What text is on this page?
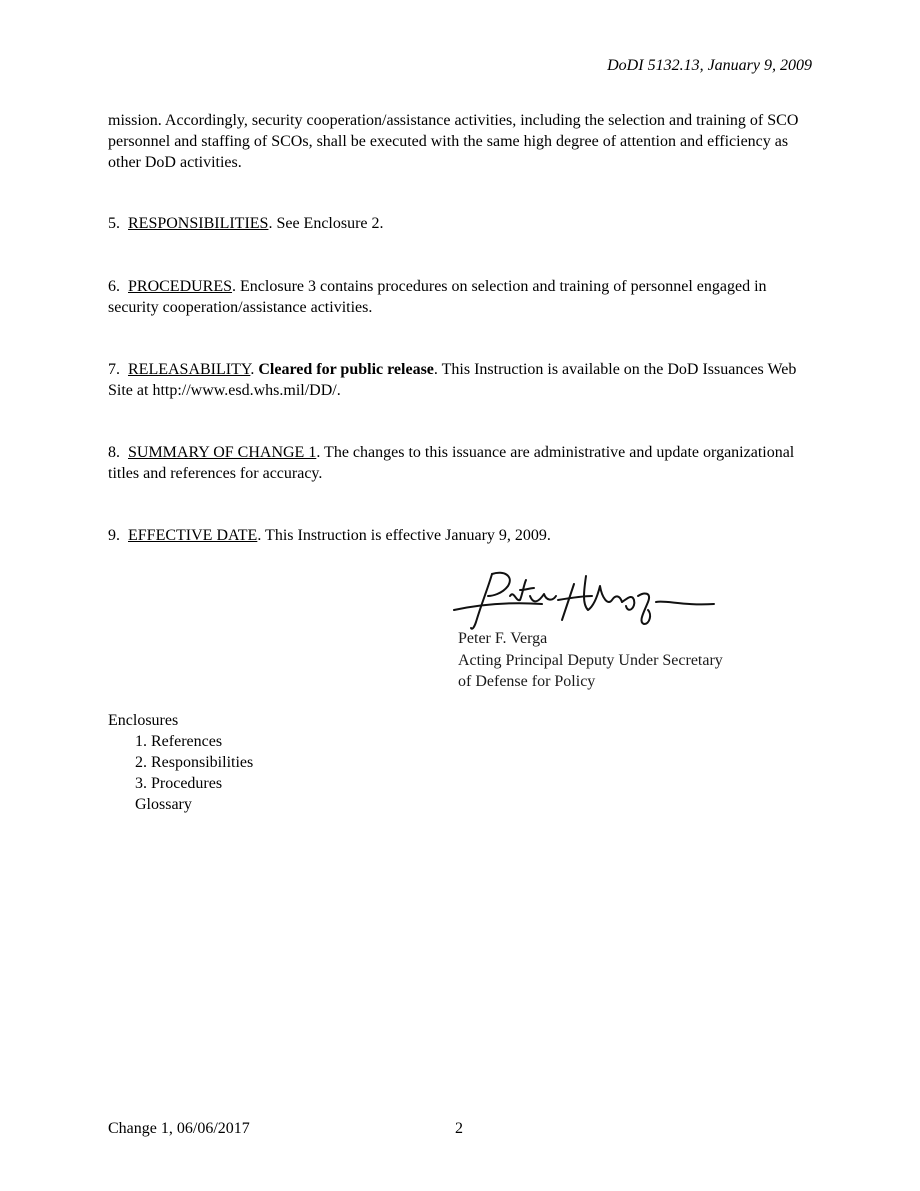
DoDI 5132.13, January 9, 2009

mission. Accordingly, security cooperation/assistance activities, including the selection and training of SCO personnel and staffing of SCOs, shall be executed with the same high degree of attention and efficiency as other DoD activities.

5. RESPONSIBILITIES. See Enclosure 2.

6. PROCEDURES. Enclosure 3 contains procedures on selection and training of personnel engaged in security cooperation/assistance activities.

7. RELEASABILITY. Cleared for public release. This Instruction is available on the DoD Issuances Web Site at http://www.esd.whs.mil/DD/.

8. SUMMARY OF CHANGE 1. The changes to this issuance are administrative and update organizational titles and references for accuracy.

9. EFFECTIVE DATE. This Instruction is effective January 9, 2009.

Peter F. Verga
Acting Principal Deputy Under Secretary
of Defense for Policy
Enclosures
1. References
2. Responsibilities
3. Procedures
Glossary
Change 1, 06/06/2017	2
